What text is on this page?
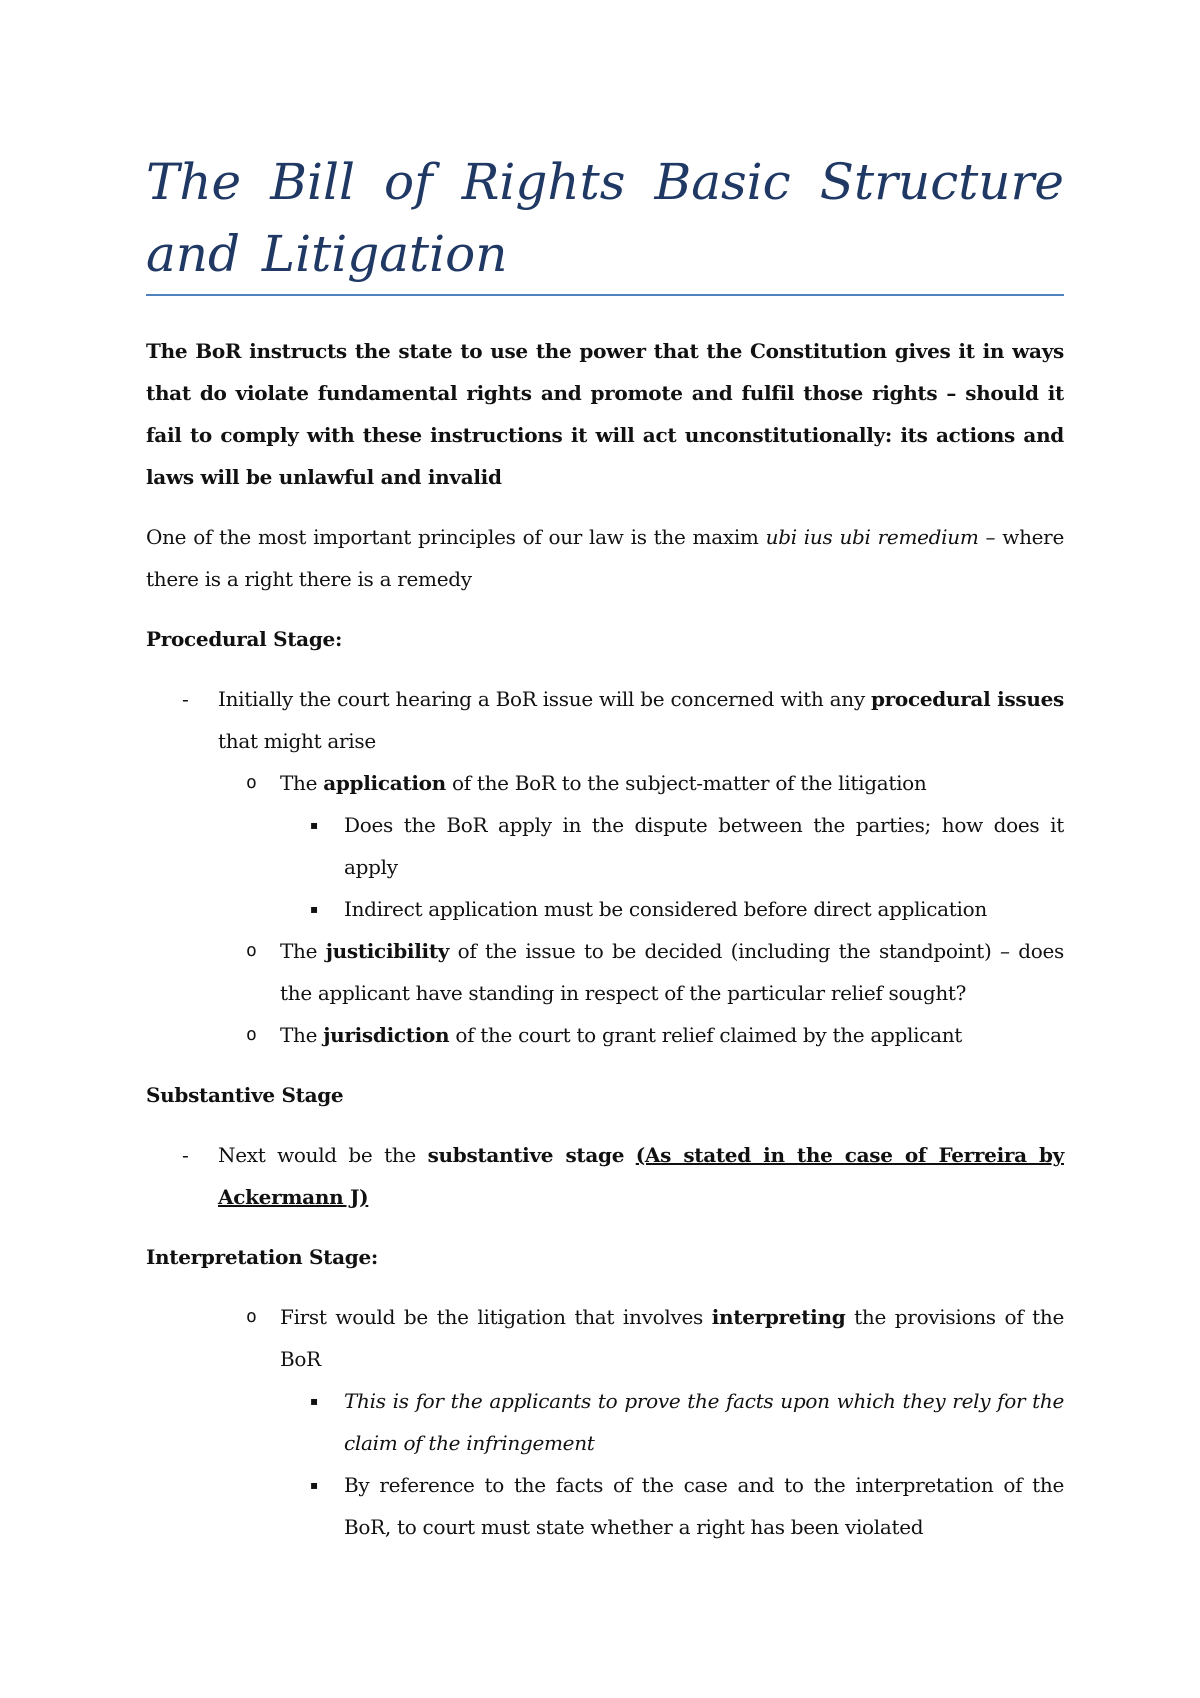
The Bill of Rights Basic Structure and Litigation

The BoR instructs the state to use the power that the Constitution gives it in ways that do violate fundamental rights and promote and fulfil those rights – should it fail to comply with these instructions it will act unconstitutionally: its actions and laws will be unlawful and invalid

One of the most important principles of our law is the maxim ubi ius ubi remedium – where there is a right there is a remedy

Procedural Stage:

- Initially the court hearing a BoR issue will be concerned with any procedural issues that might arise
o The application of the BoR to the subject-matter of the litigation
▪ Does the BoR apply in the dispute between the parties; how does it apply
▪ Indirect application must be considered before direct application
o The justicibility of the issue to be decided (including the standpoint) – does the applicant have standing in respect of the particular relief sought?
o The jurisdiction of the court to grant relief claimed by the applicant

Substantive Stage

- Next would be the substantive stage (As stated in the case of Ferreira by Ackermann J)

Interpretation Stage:

o First would be the litigation that involves interpreting the provisions of the BoR
▪ This is for the applicants to prove the facts upon which they rely for the claim of the infringement
▪ By reference to the facts of the case and to the interpretation of the BoR, to court must state whether a right has been violated
